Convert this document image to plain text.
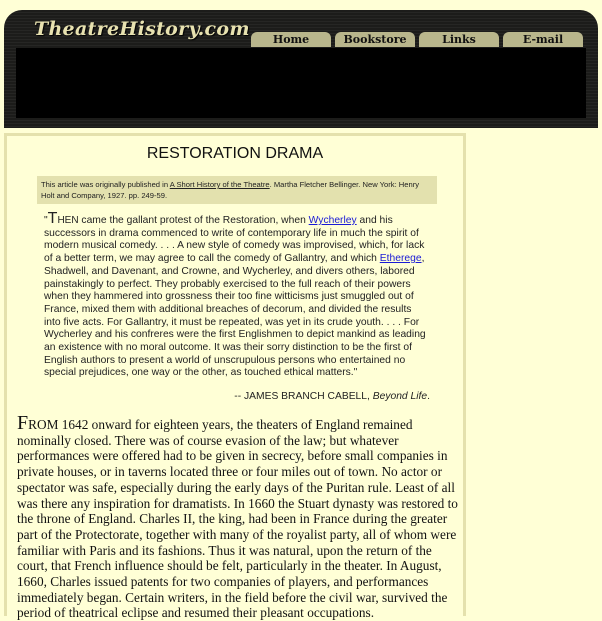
TheatreHistory.com	Home	Bookstore	Links	E-mail
RESTORATION DRAMA
This article was originally published in A Short History of the Theatre. Martha Fletcher Bellinger. New York: Henry Holt and Company, 1927. pp. 249-59.
"THEN came the gallant protest of the Restoration, when Wycherley and his successors in drama commenced to write of contemporary life in much the spirit of modern musical comedy. . . . A new style of comedy was improvised, which, for lack of a better term, we may agree to call the comedy of Gallantry, and which Etherege, Shadwell, and Davenant, and Crowne, and Wycherley, and divers others, labored painstakingly to perfect. They probably exercised to the full reach of their powers when they hammered into grossness their too fine witticisms just smuggled out of France, mixed them with additional breaches of decorum, and divided the results into five acts. For Gallantry, it must be repeated, was yet in its crude youth. . . . For Wycherley and his confreres were the first Englishmen to depict mankind as leading an existence with no moral outcome. It was their sorry distinction to be the first of English authors to present a world of unscrupulous persons who entertained no special prejudices, one way or the other, as touched ethical matters."
-- JAMES BRANCH CABELL, Beyond Life.
FROM 1642 onward for eighteen years, the theaters of England remained nominally closed. There was of course evasion of the law; but whatever performances were offered had to be given in secrecy, before small companies in private houses, or in taverns located three or four miles out of town. No actor or spectator was safe, especially during the early days of the Puritan rule. Least of all was there any inspiration for dramatists. In 1660 the Stuart dynasty was restored to the throne of England. Charles II, the king, had been in France during the greater part of the Protectorate, together with many of the royalist party, all of whom were familiar with Paris and its fashions. Thus it was natural, upon the return of the court, that French influence should be felt, particularly in the theater. In August, 1660, Charles issued patents for two companies of players, and performances immediately began. Certain writers, in the field before the civil war, survived the period of theatrical eclipse and resumed their pleasant occupations.
